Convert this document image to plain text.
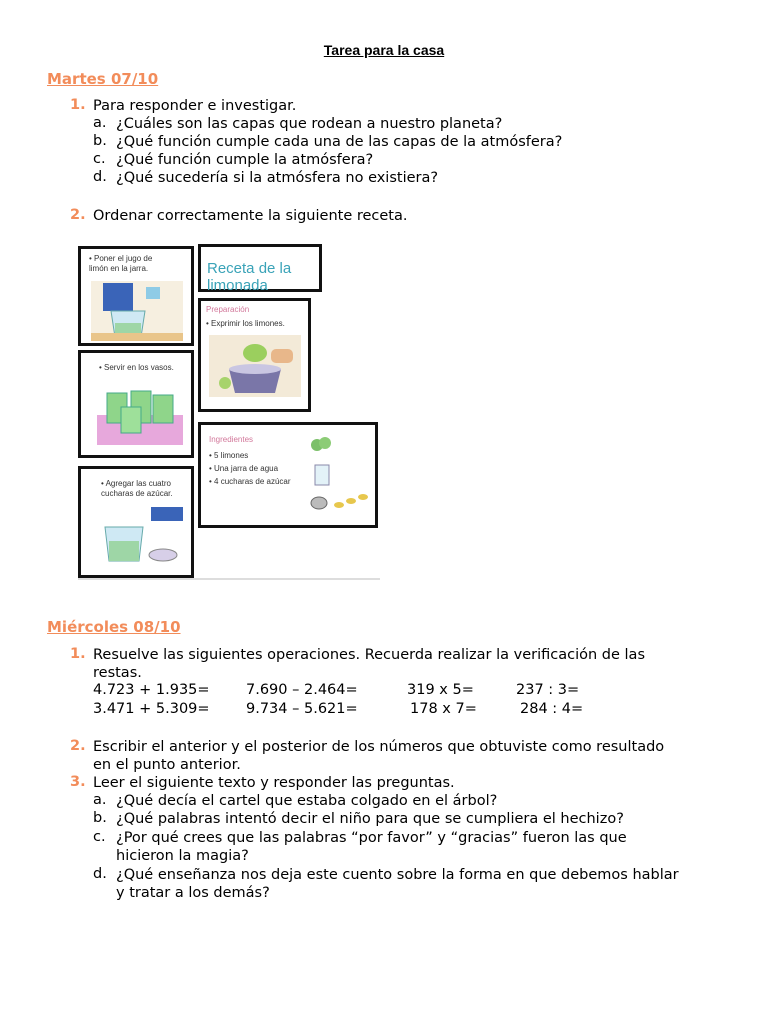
Tarea para la casa
Martes 07/10
1. Para responder e investigar.
a. ¿Cuáles son las capas que rodean a nuestro planeta?
b. ¿Qué función cumple cada una de las capas de la atmósfera?
c. ¿Qué función cumple la atmósfera?
d. ¿Qué sucedería si la atmósfera no existiera?
2. Ordenar correctamente la siguiente receta.
• Poner el jugo de
limón en la jarra.	Receta de la limonada
Preparación
• Exprimir los limones.
• Servir en los vasos.
Ingredientes
• 5 limones
• Una jarra de agua
• 4 cucharas de azúcar
• Agregar las cuatro
cucharas de azúcar.
Miércoles 08/10
1. Resuelve las siguientes operaciones. Recuerda realizar la verificación de las
restas.
4.723 + 1.935=	7.690 – 2.464=	319 x 5=	237 : 3=
3.471 + 5.309=	9.734 – 5.621=	178 x 7=	284 : 4=
2. Escribir el anterior y el posterior de los números que obtuviste como resultado
en el punto anterior.
3. Leer el siguiente texto y responder las preguntas.
a. ¿Qué decía el cartel que estaba colgado en el árbol?
b. ¿Qué palabras intentó decir el niño para que se cumpliera el hechizo?
c. ¿Por qué crees que las palabras “por favor” y “gracias” fueron las que
hicieron la magia?
d. ¿Qué enseñanza nos deja este cuento sobre la forma en que debemos hablar
y tratar a los demás?
